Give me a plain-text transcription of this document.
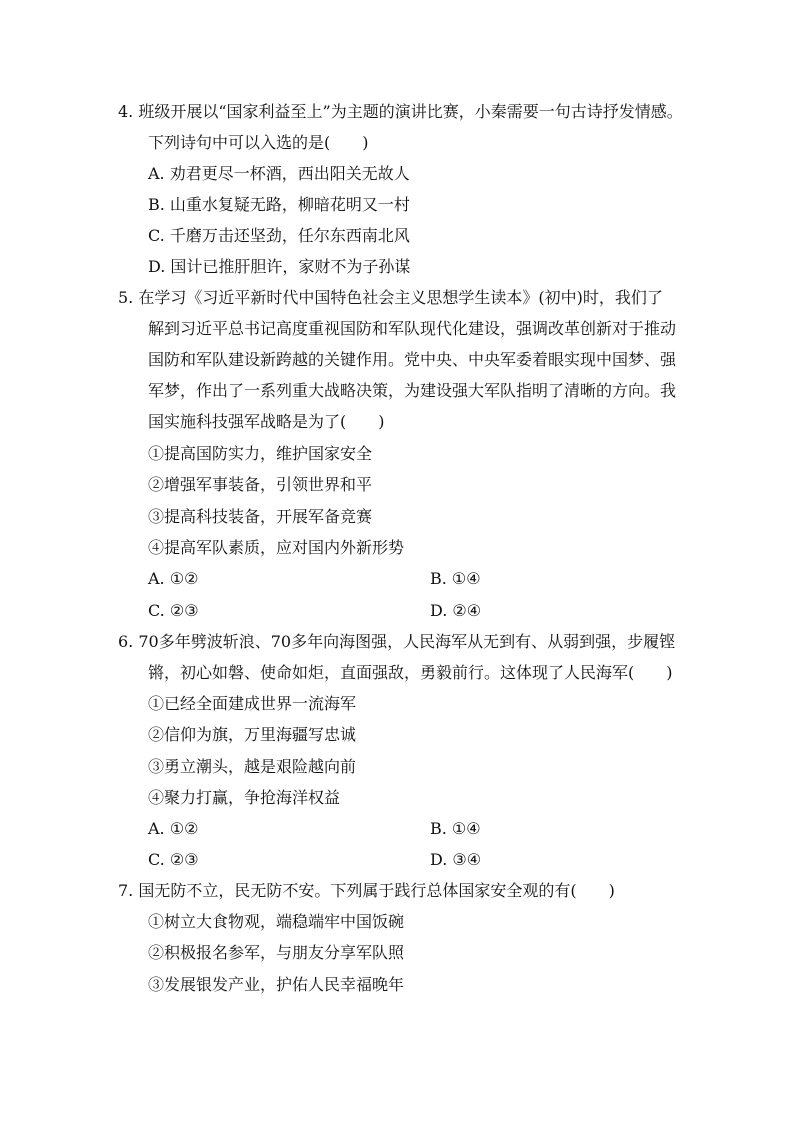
4. 班级开展以“国家利益至上”为主题的演讲比赛，小秦需要一句古诗抒发情感。
下列诗句中可以入选的是(　　)
A. 劝君更尽一杯酒，西出阳关无故人
B. 山重水复疑无路，柳暗花明又一村
C. 千磨万击还坚劲，任尔东西南北风
D. 国计已推肝胆许，家财不为子孙谋
5. 在学习《习近平新时代中国特色社会主义思想学生读本》(初中)时，我们了
解到习近平总书记高度重视国防和军队现代化建设，强调改革创新对于推动
国防和军队建设新跨越的关键作用。党中央、中央军委着眼实现中国梦、强
军梦，作出了一系列重大战略决策，为建设强大军队指明了清晰的方向。我
国实施科技强军战略是为了(　　)
①提高国防实力，维护国家安全
②增强军事装备，引领世界和平
③提高科技装备，开展军备竞赛
④提高军队素质，应对国内外新形势
A. ①②	B. ①④
C. ②③	D. ②④
6. 70多年劈波斩浪、70多年向海图强，人民海军从无到有、从弱到强，步履铿
锵，初心如磐、使命如炬，直面强敌，勇毅前行。这体现了人民海军(　　)
①已经全面建成世界一流海军
②信仰为旗，万里海疆写忠诚
③勇立潮头，越是艰险越向前
④聚力打赢，争抢海洋权益
A. ①②	B. ①④
C. ②③	D. ③④
7. 国无防不立，民无防不安。下列属于践行总体国家安全观的有(　　)
①树立大食物观，端稳端牢中国饭碗
②积极报名参军，与朋友分享军队照
③发展银发产业，护佑人民幸福晚年
